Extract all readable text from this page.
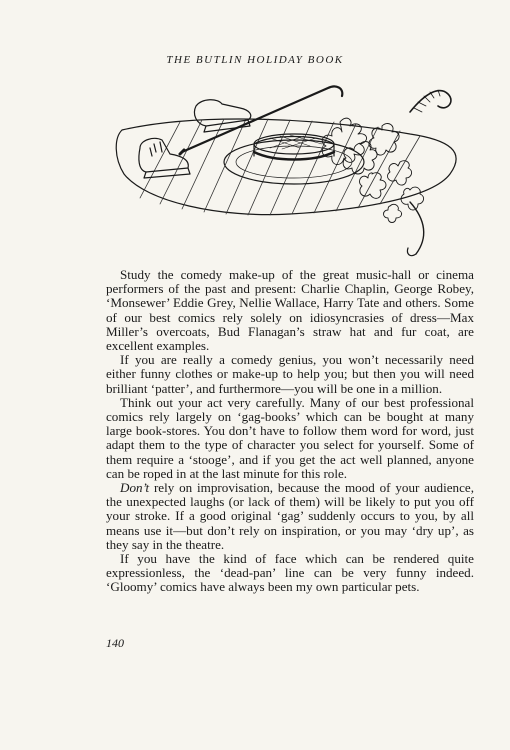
THE BUTLIN HOLIDAY BOOK

Study the comedy make-up of the great music-hall or cinema performers of the past and present: Charlie Chaplin, George Robey, ‘Monsewer’ Eddie Grey, Nellie Wallace, Harry Tate and others. Some of our best comics rely solely on idiosyncrasies of dress—Max Miller’s overcoats, Bud Flanagan’s straw hat and fur coat, are excellent examples.

If you are really a comedy genius, you won’t necessarily need either funny clothes or make-up to help you; but then you will need brilliant ‘patter’, and furthermore—you will be one in a million.

Think out your act very carefully. Many of our best professional comics rely largely on ‘gag-books’ which can be bought at many large book-stores. You don’t have to follow them word for word, just adapt them to the type of character you select for yourself. Some of them require a ‘stooge’, and if you get the act well planned, anyone can be roped in at the last minute for this role.

Don’t rely on improvisation, because the mood of your audience, the unexpected laughs (or lack of them) will be likely to put you off your stroke. If a good original ‘gag’ suddenly occurs to you, by all means use it—but don’t rely on inspiration, or you may ‘dry up’, as they say in the theatre.

If you have the kind of face which can be rendered quite expressionless, the ‘dead-pan’ line can be very funny indeed. ‘Gloomy’ comics have always been my own particular pets.

140
